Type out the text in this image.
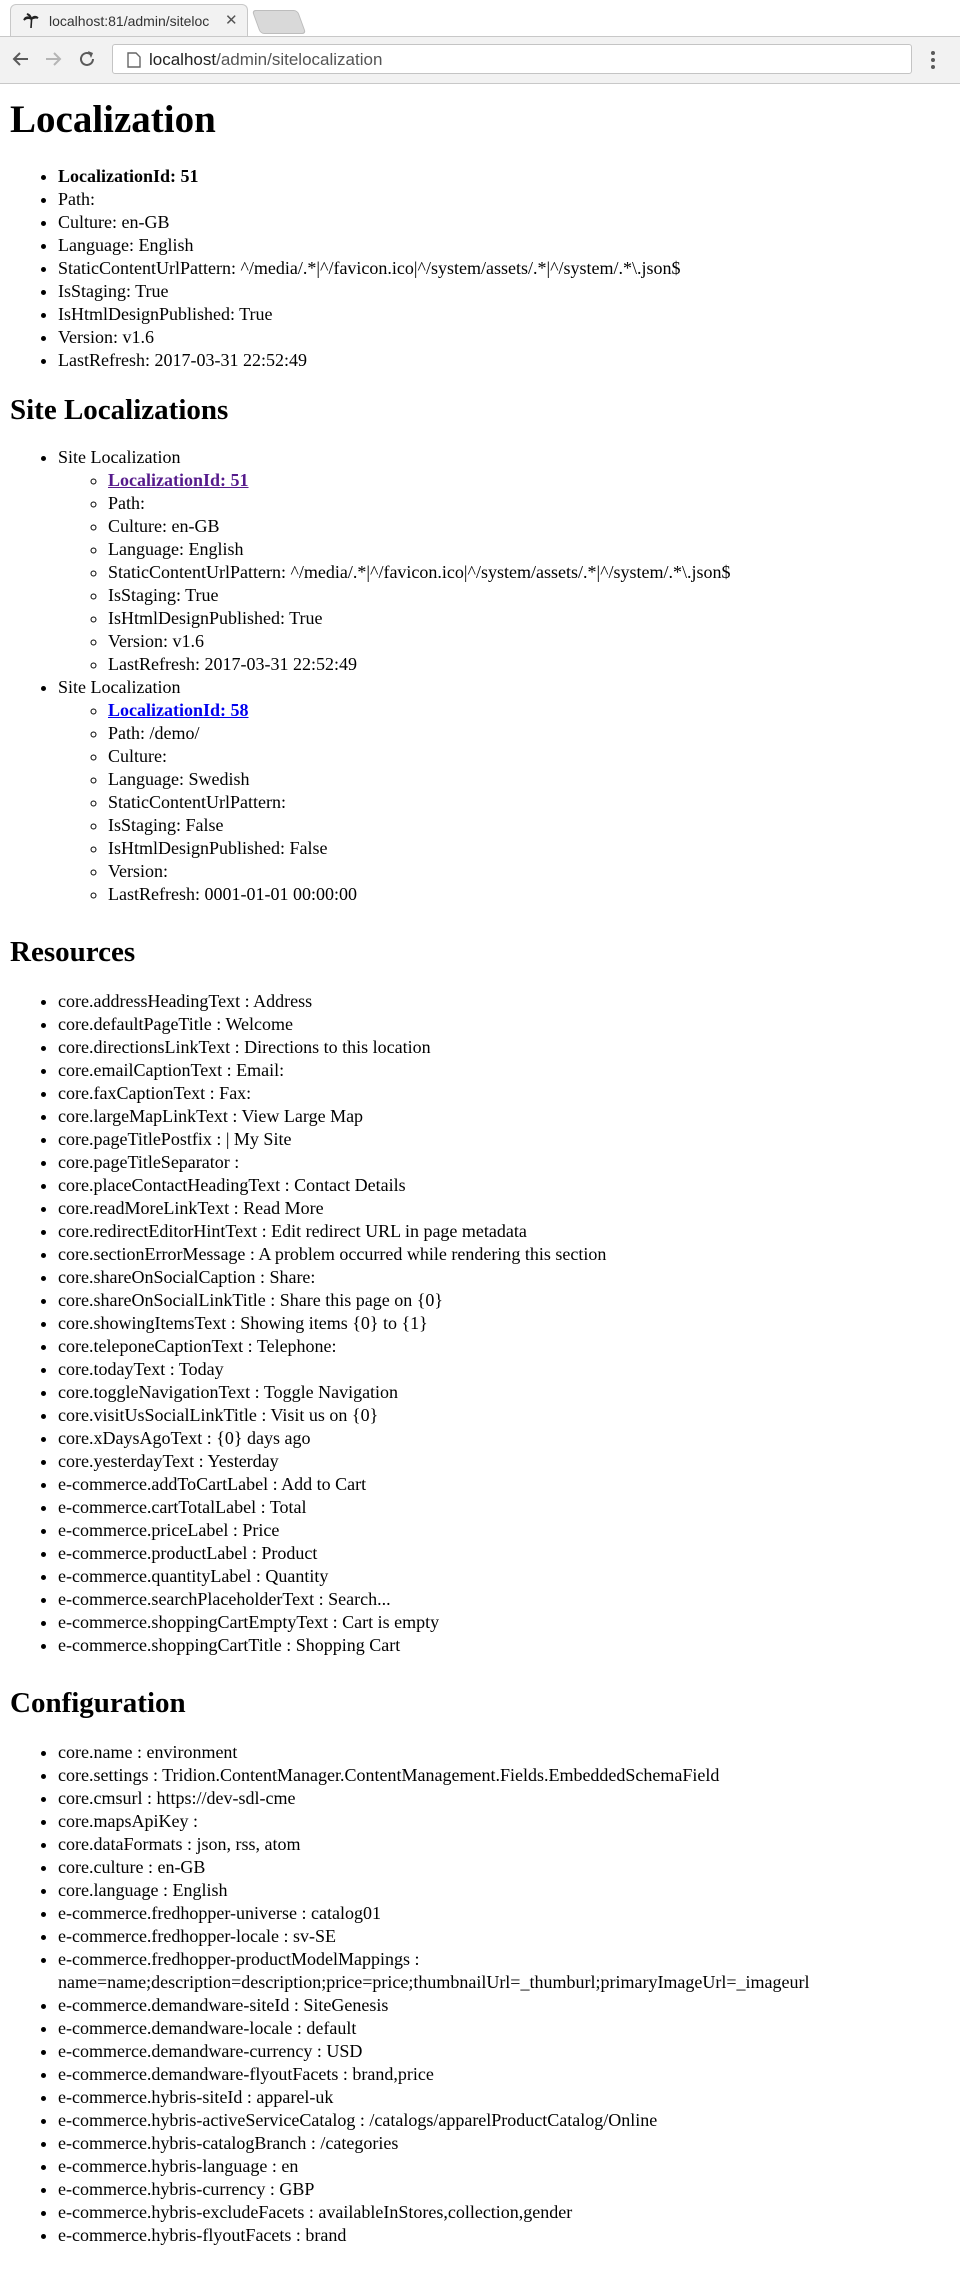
localhost:81/admin/siteloc	✕
localhost/admin/sitelocalization
Localization
• LocalizationId: 51
• Path:
• Culture: en-GB
• Language: English
• StaticContentUrlPattern: ^/media/.*|^/favicon.ico|^/system/assets/.*|^/system/.*\.json$
• IsStaging: True
• IsHtmlDesignPublished: True
• Version: v1.6
• LastRefresh: 2017-03-31 22:52:49
Site Localizations
• Site Localization
◦ LocalizationId: 51
◦ Path:
◦ Culture: en-GB
◦ Language: English
◦ StaticContentUrlPattern: ^/media/.*|^/favicon.ico|^/system/assets/.*|^/system/.*\.json$
◦ IsStaging: True
◦ IsHtmlDesignPublished: True
◦ Version: v1.6
◦ LastRefresh: 2017-03-31 22:52:49
• Site Localization
◦ LocalizationId: 58
◦ Path: /demo/
◦ Culture:
◦ Language: Swedish
◦ StaticContentUrlPattern:
◦ IsStaging: False
◦ IsHtmlDesignPublished: False
◦ Version:
◦ LastRefresh: 0001-01-01 00:00:00
Resources
• core.addressHeadingText : Address
• core.defaultPageTitle : Welcome
• core.directionsLinkText : Directions to this location
• core.emailCaptionText : Email:
• core.faxCaptionText : Fax:
• core.largeMapLinkText : View Large Map
• core.pageTitlePostfix : | My Site
• core.pageTitleSeparator :
• core.placeContactHeadingText : Contact Details
• core.readMoreLinkText : Read More
• core.redirectEditorHintText : Edit redirect URL in page metadata
• core.sectionErrorMessage : A problem occurred while rendering this section
• core.shareOnSocialCaption : Share:
• core.shareOnSocialLinkTitle : Share this page on {0}
• core.showingItemsText : Showing items {0} to {1}
• core.teleponeCaptionText : Telephone:
• core.todayText : Today
• core.toggleNavigationText : Toggle Navigation
• core.visitUsSocialLinkTitle : Visit us on {0}
• core.xDaysAgoText : {0} days ago
• core.yesterdayText : Yesterday
• e-commerce.addToCartLabel : Add to Cart
• e-commerce.cartTotalLabel : Total
• e-commerce.priceLabel : Price
• e-commerce.productLabel : Product
• e-commerce.quantityLabel : Quantity
• e-commerce.searchPlaceholderText : Search...
• e-commerce.shoppingCartEmptyText : Cart is empty
• e-commerce.shoppingCartTitle : Shopping Cart
Configuration
• core.name : environment
• core.settings : Tridion.ContentManager.ContentManagement.Fields.EmbeddedSchemaField
• core.cmsurl : https://dev-sdl-cme
• core.mapsApiKey :
• core.dataFormats : json, rss, atom
• core.culture : en-GB
• core.language : English
• e-commerce.fredhopper-universe : catalog01
• e-commerce.fredhopper-locale : sv-SE
• e-commerce.fredhopper-productModelMappings :
name=name;description=description;price=price;thumbnailUrl=_thumburl;primaryImageUrl=_imageurl
• e-commerce.demandware-siteId : SiteGenesis
• e-commerce.demandware-locale : default
• e-commerce.demandware-currency : USD
• e-commerce.demandware-flyoutFacets : brand,price
• e-commerce.hybris-siteId : apparel-uk
• e-commerce.hybris-activeServiceCatalog : /catalogs/apparelProductCatalog/Online
• e-commerce.hybris-catalogBranch : /categories
• e-commerce.hybris-language : en
• e-commerce.hybris-currency : GBP
• e-commerce.hybris-excludeFacets : availableInStores,collection,gender
• e-commerce.hybris-flyoutFacets : brand
